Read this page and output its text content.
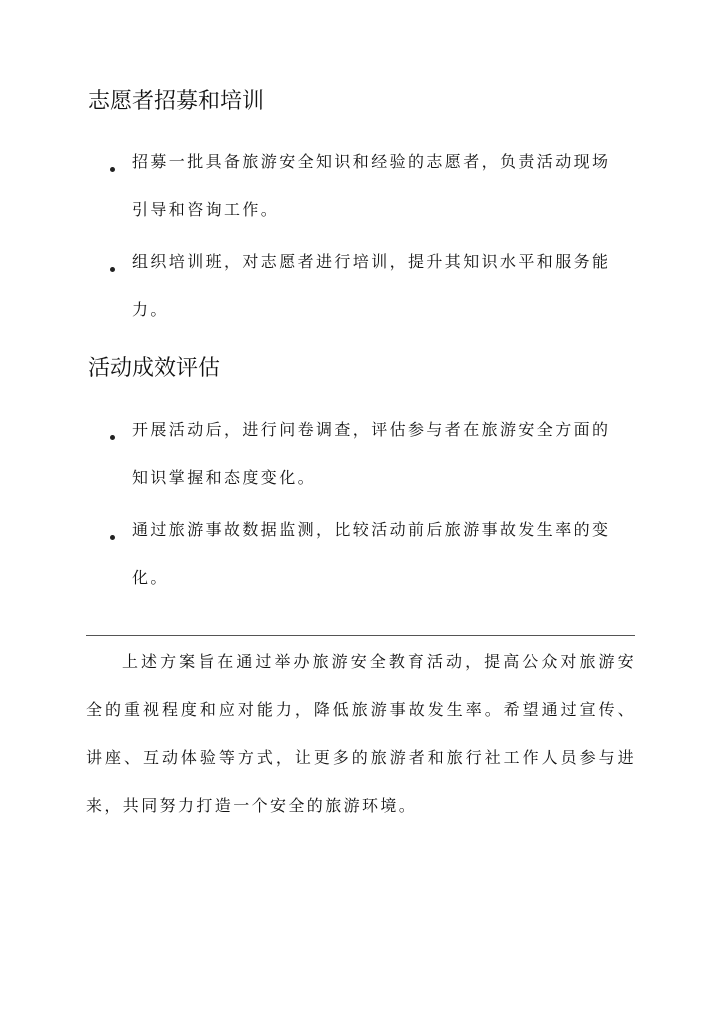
志愿者招募和培训
招募一批具备旅游安全知识和经验的志愿者，负责活动现场引导和咨询工作。
组织培训班，对志愿者进行培训，提升其知识水平和服务能力。
活动成效评估
开展活动后，进行问卷调查，评估参与者在旅游安全方面的知识掌握和态度变化。
通过旅游事故数据监测，比较活动前后旅游事故发生率的变化。

上述方案旨在通过举办旅游安全教育活动，提高公众对旅游安全的重视程度和应对能力，降低旅游事故发生率。希望通过宣传、讲座、互动体验等方式，让更多的旅游者和旅行社工作人员参与进来，共同努力打造一个安全的旅游环境。
